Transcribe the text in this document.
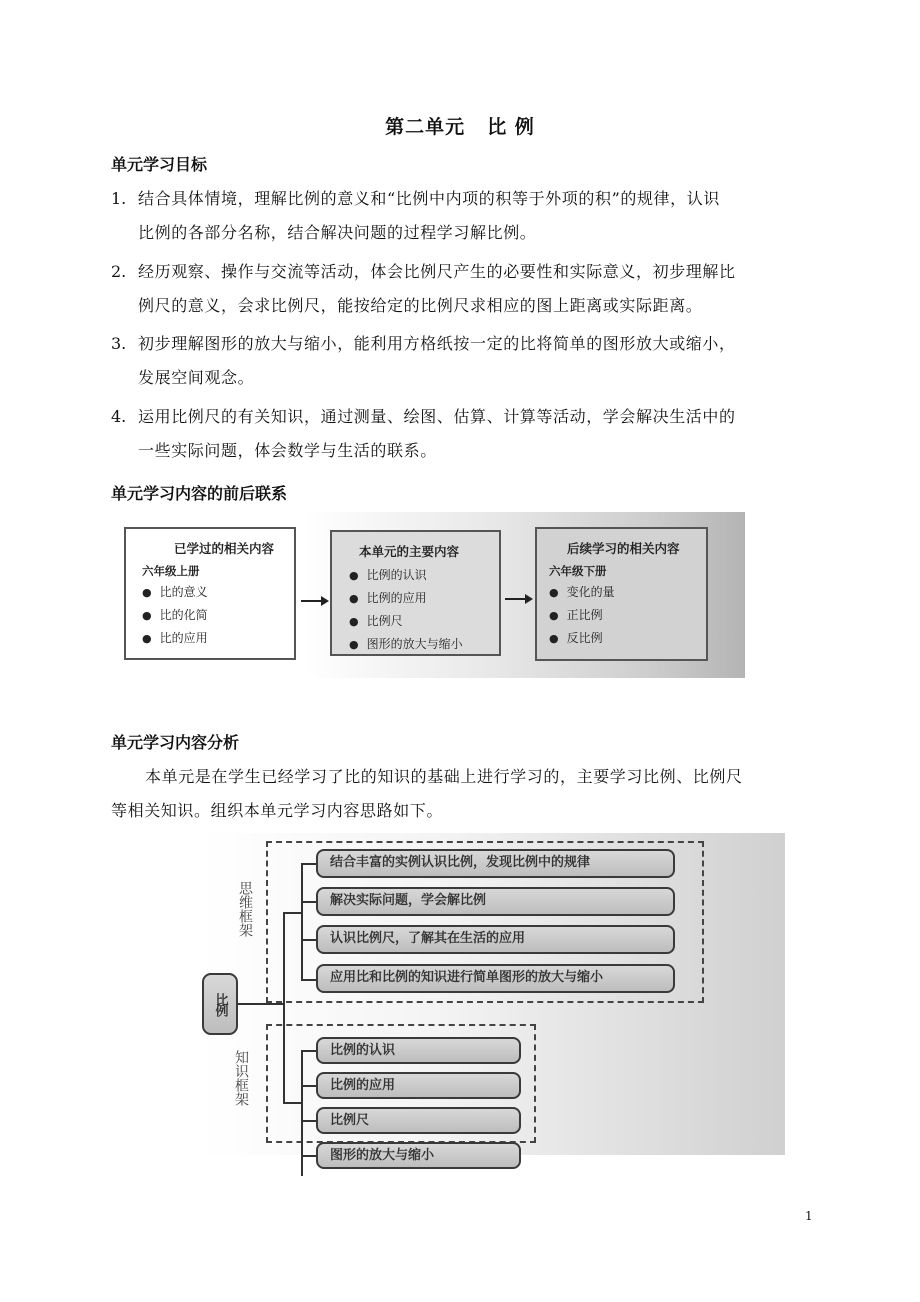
第二单元 比 例
单元学习目标
1. 结合具体情境，理解比例的意义和“比例中内项的积等于外项的积”的规律，认识
比例的各部分名称，结合解决问题的过程学习解比例。
2. 经历观察、操作与交流等活动，体会比例尺产生的必要性和实际意义，初步理解比
例尺的意义，会求比例尺，能按给定的比例尺求相应的图上距离或实际距离。
3. 初步理解图形的放大与缩小，能利用方格纸按一定的比将简单的图形放大或缩小，
发展空间观念。
4. 运用比例尺的有关知识，通过测量、绘图、估算、计算等活动，学会解决生活中的
一些实际问题，体会数学与生活的联系。
单元学习内容的前后联系
已学过的相关内容
六年级上册
● 比的意义
● 比的化简
● 比的应用
本单元的主要内容
● 比例的认识
● 比例的应用
● 比例尺
● 图形的放大与缩小
后续学习的相关内容
六年级下册
● 变化的量
● 正比例
● 反比例
单元学习内容分析
本单元是在学生已经学习了比的知识的基础上进行学习的，主要学习比例、比例尺
等相关知识。组织本单元学习内容思路如下。
思维框架
知识框架
比例
结合丰富的实例认识比例，发现比例中的规律
解决实际问题，学会解比例
认识比例尺，了解其在生活的应用
应用比和比例的知识进行简单图形的放大与缩小
比例的认识
比例的应用
比例尺
图形的放大与缩小
1
